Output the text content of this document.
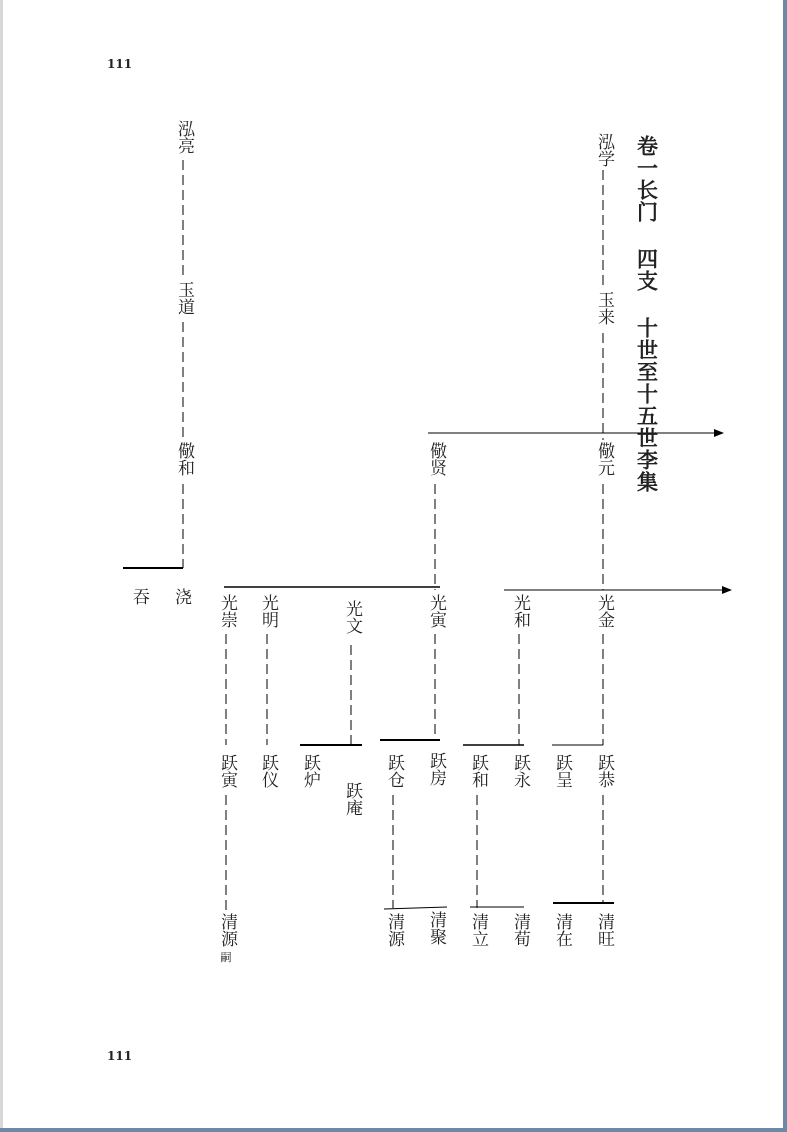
111
111
卷一长门 四支 十世至十五世李集
泓亮	泓学
玉道	玉来
儆和	儆贤	儆元
吞 浇 光崇 光明	光文	光寅	光和	光金
跃寅 跃仪 跃炉
跃庵
跃仓 跃房 跃和 跃永 跃呈 跃恭
清源
嗣
清源 清聚 清立 清荀 清在 清旺
